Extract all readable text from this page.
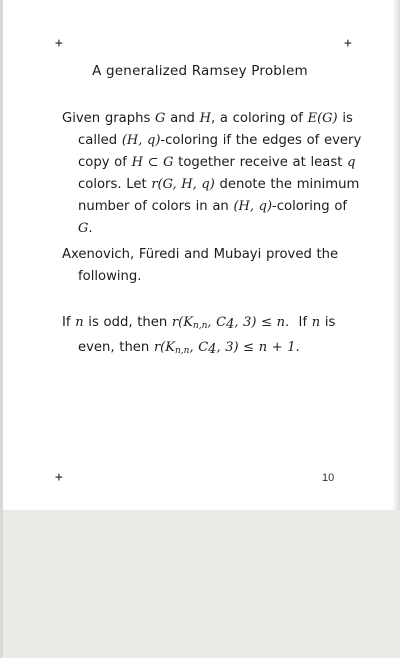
+	+
+
A generalized Ramsey Problem
Given graphs G and H, a coloring of E(G) is
called (H, q)-coloring if the edges of every
copy of H ⊂ G together receive at least q
colors. Let r(G, H, q) denote the minimum
number of colors in an (H, q)-coloring of
G.
Axenovich, Füredi and Mubayi proved the
following.
If n is odd, then $r(K_{n,n}$, $C_4$, 3) ≤ n.  If n is
even, then $r(K_{n,n}$, $C_4$, 3) ≤ n + 1.
10
